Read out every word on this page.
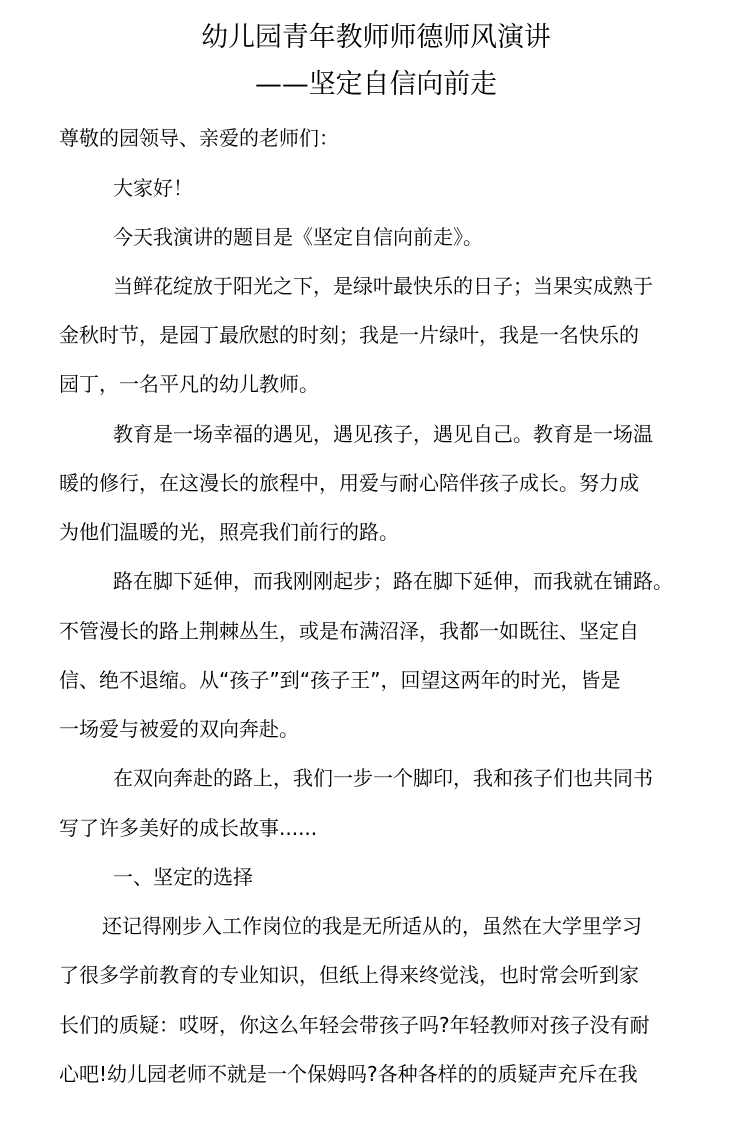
幼儿园青年教师师德师风演讲
——坚定自信向前走
尊敬的园领导、亲爱的老师们：
大家好！
今天我演讲的题目是《坚定自信向前走》。
当鲜花绽放于阳光之下，是绿叶最快乐的日子；当果实成熟于
金秋时节，是园丁最欣慰的时刻；我是一片绿叶，我是一名快乐的
园丁，一名平凡的幼儿教师。
教育是一场幸福的遇见，遇见孩子，遇见自己。教育是一场温
暖的修行，在这漫长的旅程中，用爱与耐心陪伴孩子成长。努力成
为他们温暖的光，照亮我们前行的路。
路在脚下延伸，而我刚刚起步；路在脚下延伸，而我就在铺路。
不管漫长的路上荆棘丛生，或是布满沼泽，我都一如既往、坚定自
信、绝不退缩。从“孩子”到“孩子王”，回望这两年的时光，皆是
一场爱与被爱的双向奔赴。
在双向奔赴的路上，我们一步一个脚印，我和孩子们也共同书
写了许多美好的成长故事......
一、坚定的选择
还记得刚步入工作岗位的我是无所适从的，虽然在大学里学习
了很多学前教育的专业知识，但纸上得来终觉浅，也时常会听到家
长们的质疑：哎呀，你这么年轻会带孩子吗?年轻教师对孩子没有耐
心吧!幼儿园老师不就是一个保姆吗?各种各样的的质疑声充斥在我
